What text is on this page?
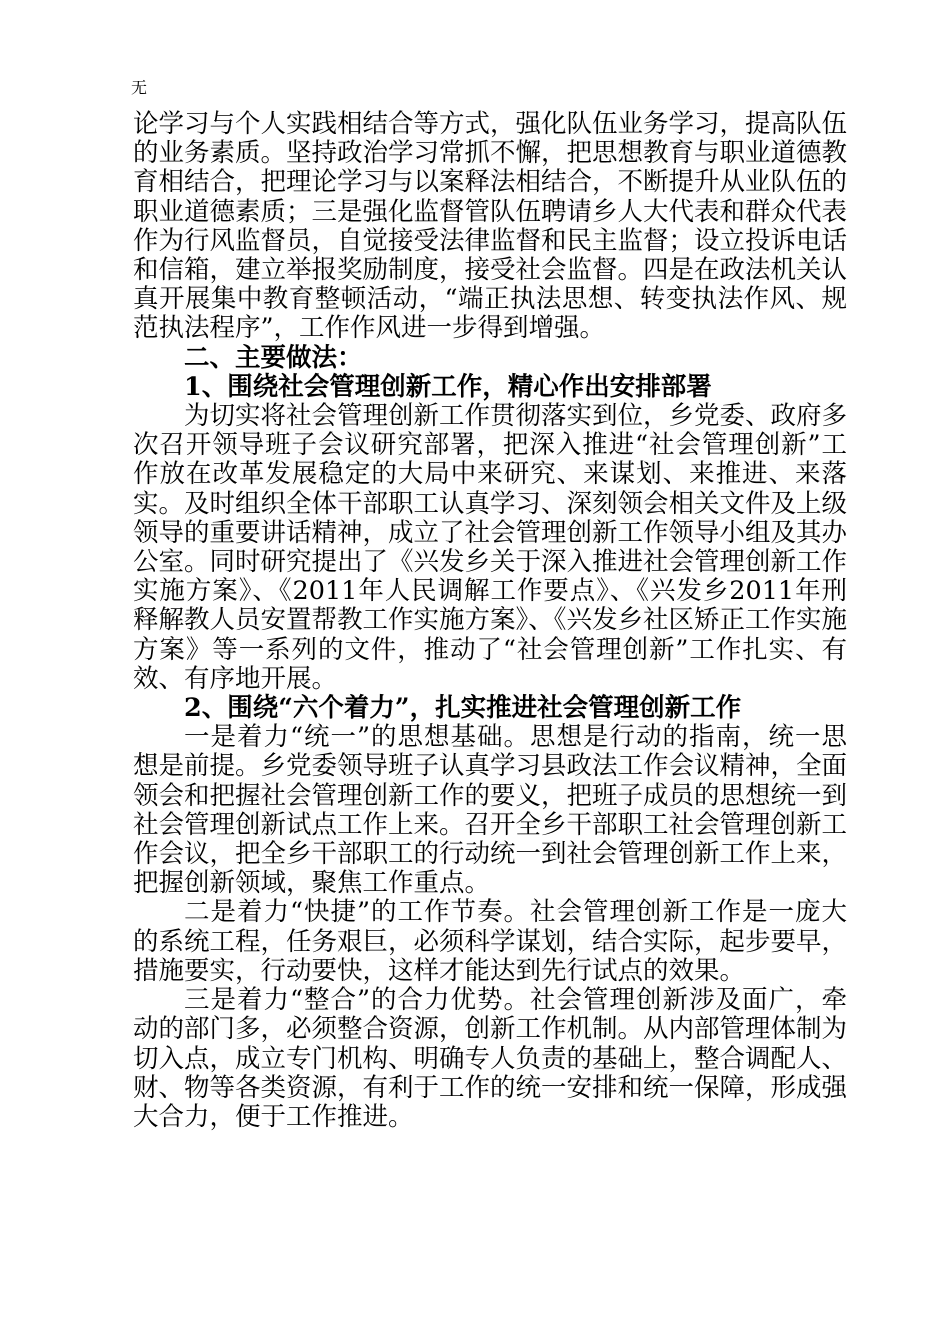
无

论学习与个人实践相结合等方式，强化队伍业务学习，提高队伍的业务素质。坚持政治学习常抓不懈，把思想教育与职业道德教育相结合，把理论学习与以案释法相结合，不断提升从业队伍的职业道德素质；三是强化监督管队伍聘请乡人大代表和群众代表作为行风监督员，自觉接受法律监督和民主监督；设立投诉电话和信箱，建立举报奖励制度，接受社会监督。四是在政法机关认真开展集中教育整顿活动，“端正执法思想、转变执法作风、规范执法程序”，工作作风进一步得到增强。

二、主要做法：

1、围绕社会管理创新工作，精心作出安排部署

为切实将社会管理创新工作贯彻落实到位，乡党委、政府多次召开领导班子会议研究部署，把深入推进“社会管理创新”工作放在改革发展稳定的大局中来研究、来谋划、来推进、来落实。及时组织全体干部职工认真学习、深刻领会相关文件及上级领导的重要讲话精神，成立了社会管理创新工作领导小组及其办公室。同时研究提出了《兴发乡关于深入推进社会管理创新工作实施方案》、《2011年人民调解工作要点》、《兴发乡2011年刑释解教人员安置帮教工作实施方案》、《兴发乡社区矫正工作实施方案》等一系列的文件，推动了“社会管理创新”工作扎实、有效、有序地开展。

2、围绕“六个着力”，扎实推进社会管理创新工作

一是着力“统一”的思想基础。思想是行动的指南，统一思想是前提。乡党委领导班子认真学习县政法工作会议精神，全面领会和把握社会管理创新工作的要义，把班子成员的思想统一到社会管理创新试点工作上来。召开全乡干部职工社会管理创新工作会议，把全乡干部职工的行动统一到社会管理创新工作上来，把握创新领域，聚焦工作重点。

二是着力“快捷”的工作节奏。社会管理创新工作是一庞大的系统工程，任务艰巨，必须科学谋划，结合实际，起步要早，措施要实，行动要快，这样才能达到先行试点的效果。

三是着力“整合”的合力优势。社会管理创新涉及面广，牵动的部门多，必须整合资源，创新工作机制。从内部管理体制为切入点，成立专门机构、明确专人负责的基础上，整合调配人、财、物等各类资源，有利于工作的统一安排和统一保障，形成强大合力，便于工作推进。
